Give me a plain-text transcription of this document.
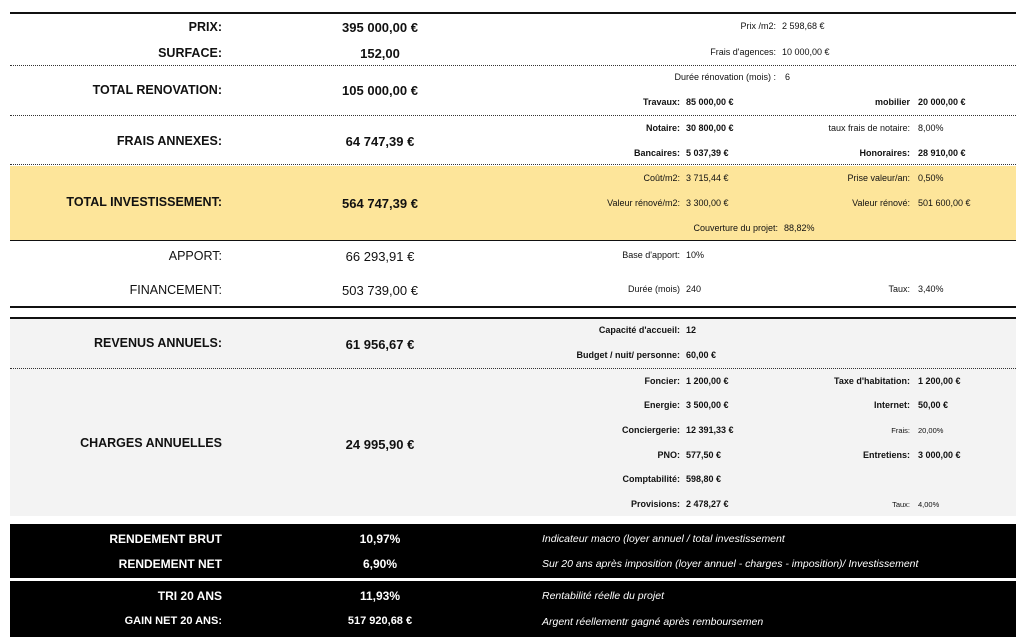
PRIX:	395 000,00 €	Prix /m2: 2 598,68 €
SURFACE:	152,00	Frais d'agences: 10 000,00 €
TOTAL RENOVATION:	105 000,00 €
Durée rénovation (mois) : 6
Travaux: 85 000,00 €	mobilier 20 000,00 €
FRAIS ANNEXES:	64 747,39 €
Notaire: 30 800,00 €	taux frais de notaire: 8,00%
Bancaires: 5 037,39 €	Honoraires: 28 910,00 €
TOTAL INVESTISSEMENT:	564 747,39 €
Coût/m2: 3 715,44 €	Prise valeur/an: 0,50%
Valeur rénové/m2: 3 300,00 €	Valeur rénové: 501 600,00 €
Couverture du projet: 88,82%
APPORT:	66 293,91 €	Base d'apport: 10%
FINANCEMENT:	503 739,00 €	Durée (mois) 240	Taux: 3,40%
REVENUS ANNUELS:	61 956,67 €
Capacité d'accueil: 12
Budget / nuit/ personne: 60,00 €
CHARGES ANNUELLES	24 995,90 €
Foncier: 1 200,00 €	Taxe d'habitation: 1 200,00 €
Energie: 3 500,00 €	Internet: 50,00 €
Conciergerie: 12 391,33 €	Frais: 20,00%
PNO: 577,50 €	Entretiens: 3 000,00 €
Comptabilité: 598,80 €
Provisions: 2 478,27 €	Taux: 4,00%
RENDEMENT BRUT	10,97%	Indicateur macro (loyer annuel / total investissement
RENDEMENT NET	6,90%	Sur 20 ans après imposition (loyer annuel - charges - imposition)/ Investissement
TRI 20 ANS	11,93%	Rentabilité réelle du projet
GAIN NET 20 ANS:	517 920,68 €	Argent réellementr gagné après remboursemen
